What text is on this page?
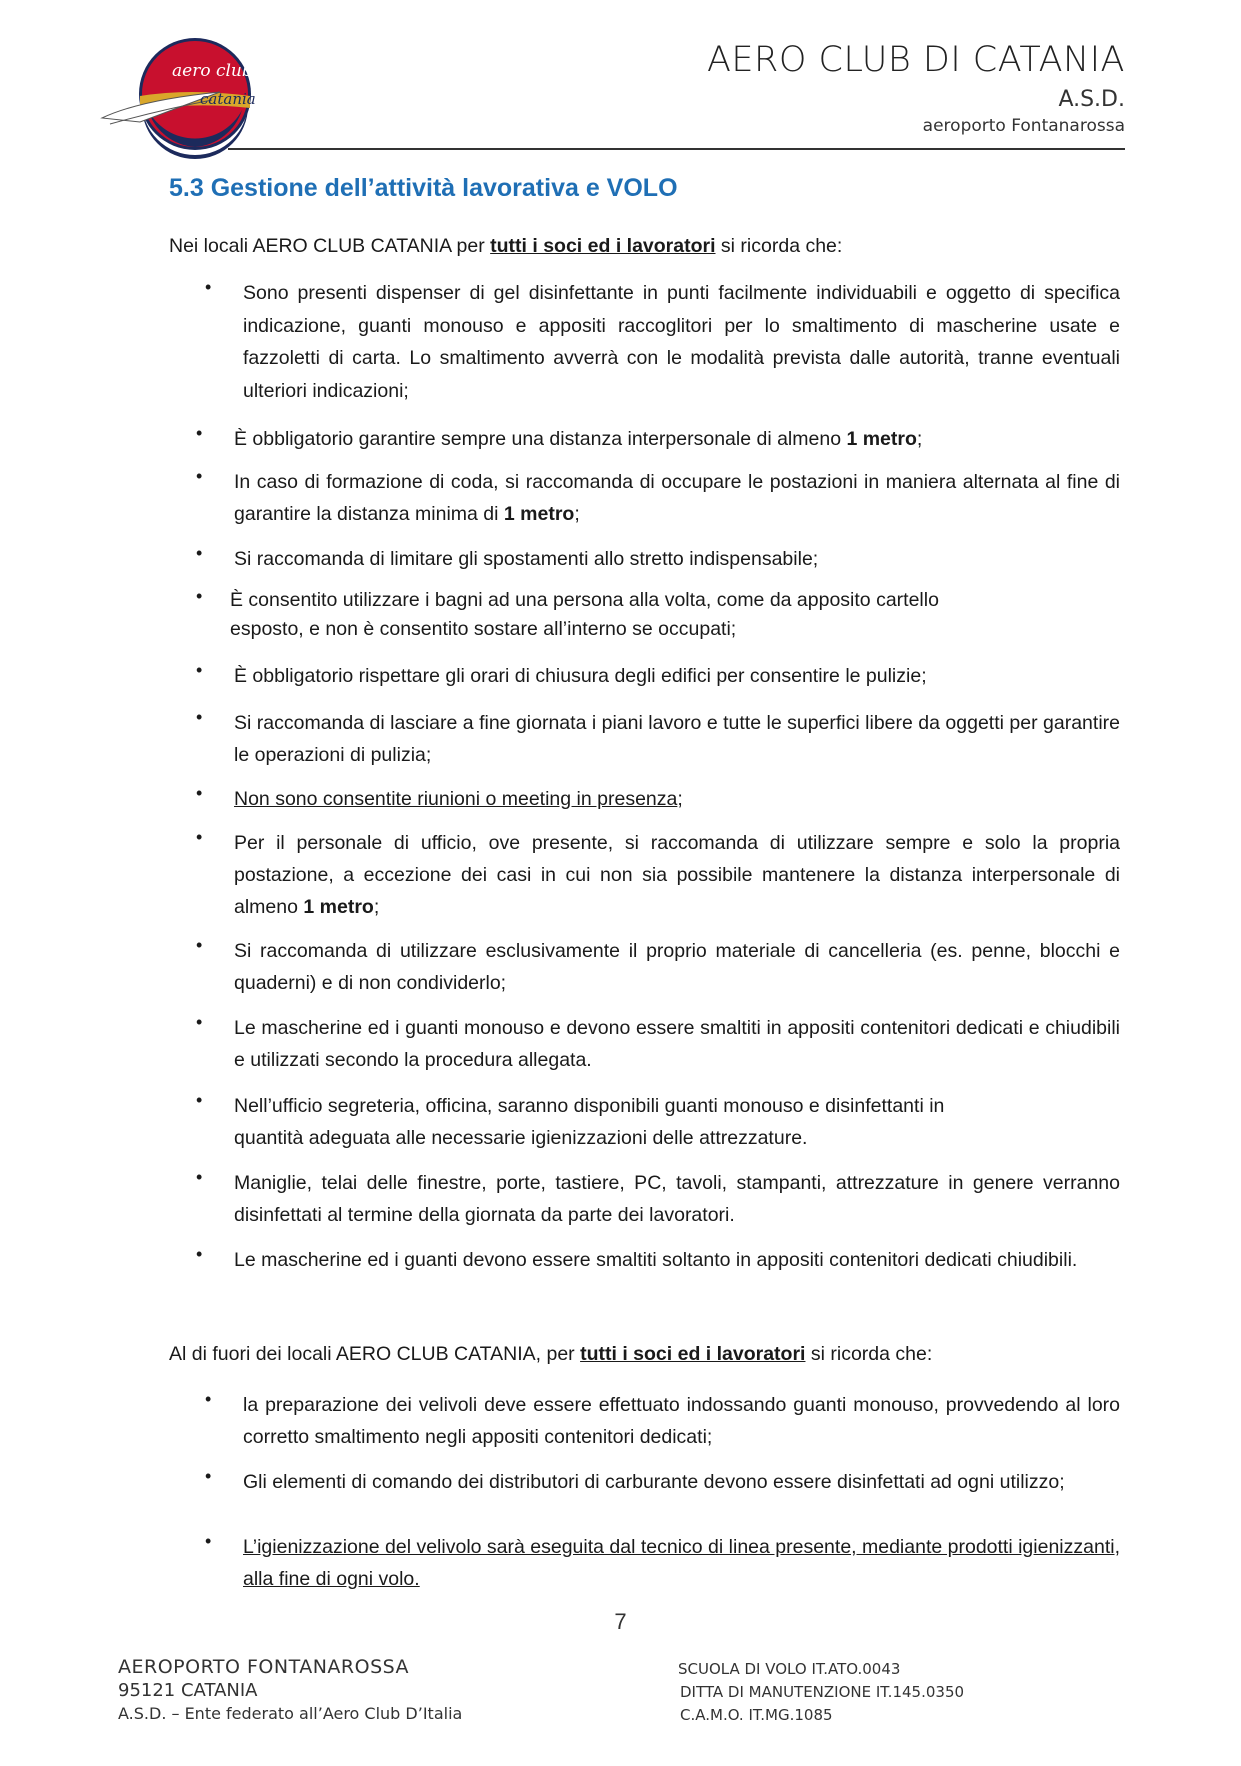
aero club
catania
AERO CLUB DI CATANIA
A.S.D.
aeroporto Fontanarossa
5.3 Gestione dell’attività lavorativa e VOLO
Nei locali AERO CLUB CATANIA per tutti i soci ed i lavoratori si ricorda che:
• Sono presenti dispenser di gel disinfettante in punti facilmente individuabili e oggetto di specifica indicazione, guanti monouso e appositi raccoglitori per lo smaltimento di mascherine usate e fazzoletti di carta. Lo smaltimento avverrà con le modalità prevista dalle autorità, tranne eventuali ulteriori indicazioni;
• È obbligatorio garantire sempre una distanza interpersonale di almeno 1 metro;
• In caso di formazione di coda, si raccomanda di occupare le postazioni in maniera alternata al fine di garantire la distanza minima di 1 metro;
• Si raccomanda di limitare gli spostamenti allo stretto indispensabile;
• È consentito utilizzare i bagni ad una persona alla volta, come da apposito cartello
esposto, e non è consentito sostare all’interno se occupati;
• È obbligatorio rispettare gli orari di chiusura degli edifici per consentire le pulizie;
• Si raccomanda di lasciare a fine giornata i piani lavoro e tutte le superfici libere da oggetti per garantire le operazioni di pulizia;
• Non sono consentite riunioni o meeting in presenza;
• Per il personale di ufficio, ove presente, si raccomanda di utilizzare sempre e solo la propria postazione, a eccezione dei casi in cui non sia possibile mantenere la distanza interpersonale di almeno 1 metro;
• Si raccomanda di utilizzare esclusivamente il proprio materiale di cancelleria (es. penne, blocchi e quaderni) e di non condividerlo;
• Le mascherine ed i guanti monouso e devono essere smaltiti in appositi contenitori dedicati e chiudibili e utilizzati secondo la procedura allegata.
• Nell’ufficio segreteria, officina, saranno disponibili guanti monouso e disinfettanti in
quantità adeguata alle necessarie igienizzazioni delle attrezzature.
• Maniglie, telai delle finestre, porte, tastiere, PC, tavoli, stampanti, attrezzature in genere verranno disinfettati al termine della giornata da parte dei lavoratori.
• Le mascherine ed i guanti devono essere smaltiti soltanto in appositi contenitori dedicati chiudibili.
Al di fuori dei locali AERO CLUB CATANIA, per tutti i soci ed i lavoratori si ricorda che:
• la preparazione dei velivoli deve essere effettuato indossando guanti monouso, provvedendo al loro corretto smaltimento negli appositi contenitori dedicati;
• Gli elementi di comando dei distributori di carburante devono essere disinfettati ad ogni utilizzo;
• L’igienizzazione del velivolo sarà eseguita dal tecnico di linea presente, mediante prodotti igienizzanti, alla fine di ogni volo.
7
AEROPORTO FONTANAROSSA
95121 CATANIA
A.S.D. – Ente federato all’Aero Club D’Italia
SCUOLA DI VOLO IT.ATO.0043
DITTA DI MANUTENZIONE IT.145.0350
C.A.M.O. IT.MG.1085
